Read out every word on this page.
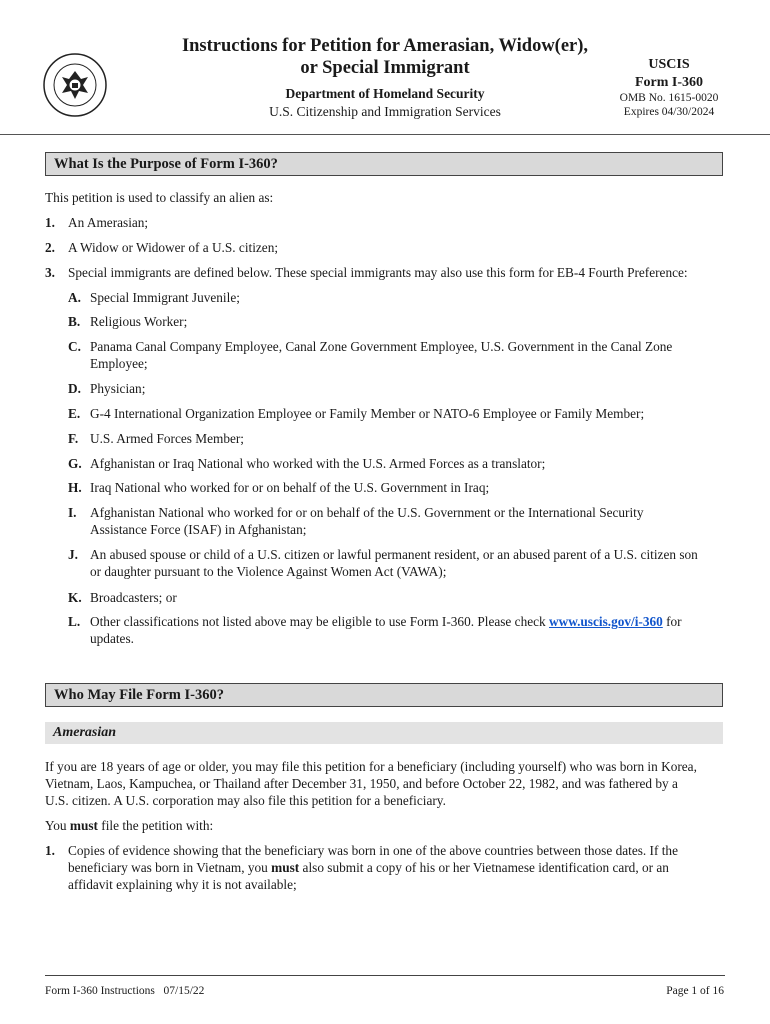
Instructions for Petition for Amerasian, Widow(er),
or Special Immigrant
Department of Homeland Security
U.S. Citizenship and Immigration Services
USCIS
Form I-360
OMB No. 1615-0020
Expires 04/30/2024
What Is the Purpose of Form I-360?
This petition is used to classify an alien as:
1. An Amerasian;
2. A Widow or Widower of a U.S. citizen;
3. Special immigrants are defined below. These special immigrants may also use this form for EB-4 Fourth Preference:
A. Special Immigrant Juvenile;
B. Religious Worker;
C. Panama Canal Company Employee, Canal Zone Government Employee, U.S. Government in the Canal Zone
Employee;
D. Physician;
E. G-4 International Organization Employee or Family Member or NATO-6 Employee or Family Member;
F. U.S. Armed Forces Member;
G. Afghanistan or Iraq National who worked with the U.S. Armed Forces as a translator;
H. Iraq National who worked for or on behalf of the U.S. Government in Iraq;
I. Afghanistan National who worked for or on behalf of the U.S. Government or the International Security
Assistance Force (ISAF) in Afghanistan;
J. An abused spouse or child of a U.S. citizen or lawful permanent resident, or an abused parent of a U.S. citizen son
or daughter pursuant to the Violence Against Women Act (VAWA);
K. Broadcasters; or
L. Other classifications not listed above may be eligible to use Form I-360. Please check www.uscis.gov/i-360 for
updates.
Who May File Form I-360?
Amerasian
If you are 18 years of age or older, you may file this petition for a beneficiary (including yourself) who was born in Korea,
Vietnam, Laos, Kampuchea, or Thailand after December 31, 1950, and before October 22, 1982, and was fathered by a
U.S. citizen. A U.S. corporation may also file this petition for a beneficiary.
You must file the petition with:
1. Copies of evidence showing that the beneficiary was born in one of the above countries between those dates. If the
beneficiary was born in Vietnam, you must also submit a copy of his or her Vietnamese identification card, or an
affidavit explaining why it is not available;
Form I-360 Instructions   07/15/22	Page 1 of 16
